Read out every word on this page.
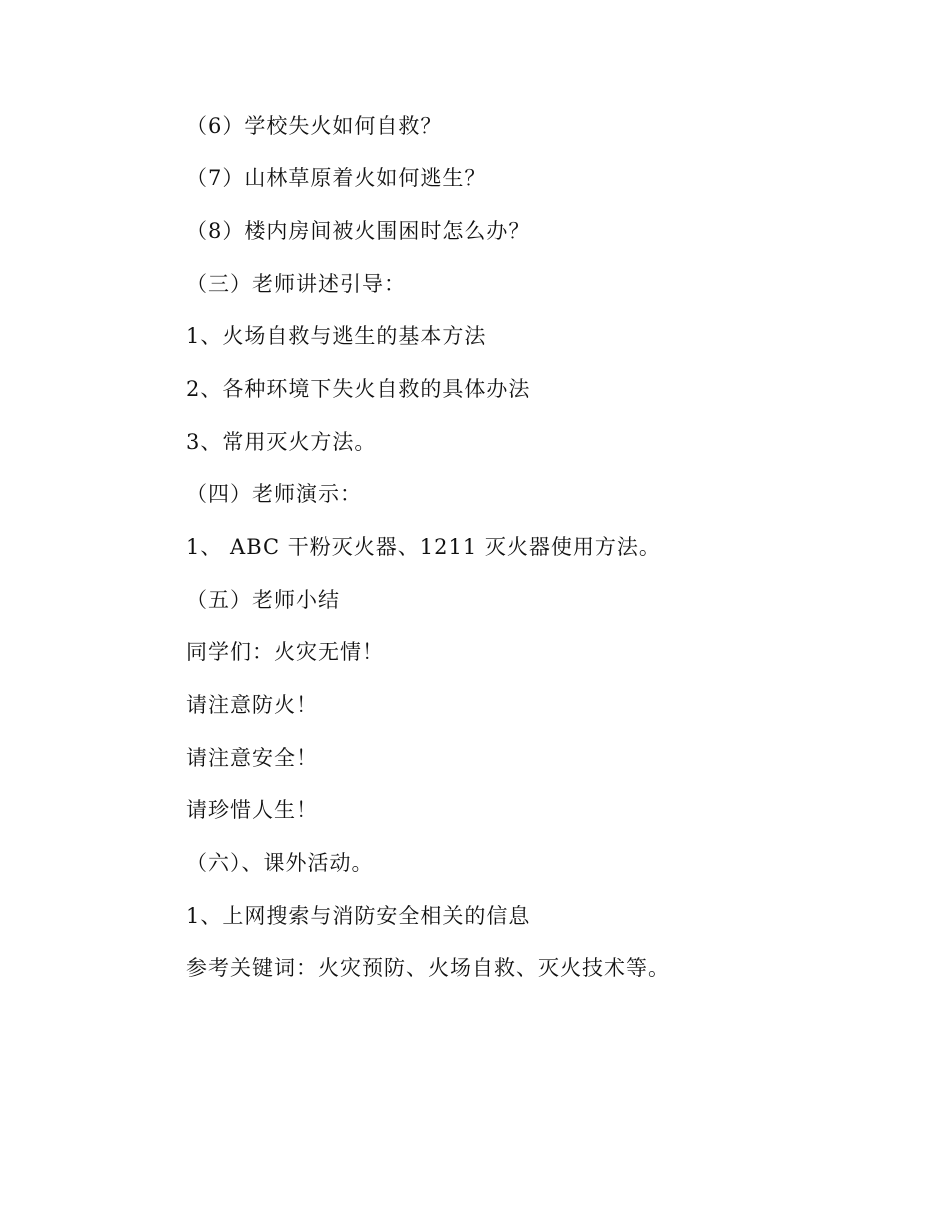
（6）学校失火如何自救？
（7）山林草原着火如何逃生？
（8）楼内房间被火围困时怎么办？
（三）老师讲述引导：
1、火场自救与逃生的基本方法
2、各种环境下失火自救的具体办法
3、常用灭火方法。
（四）老师演示：
1、 ABC 干粉灭火器、1211 灭火器使用方法。
（五）老师小结
同学们：火灾无情！
请注意防火！
请注意安全！
请珍惜人生！
（六）、课外活动。
1、上网搜索与消防安全相关的信息
参考关键词：火灾预防、火场自救、灭火技术等。
